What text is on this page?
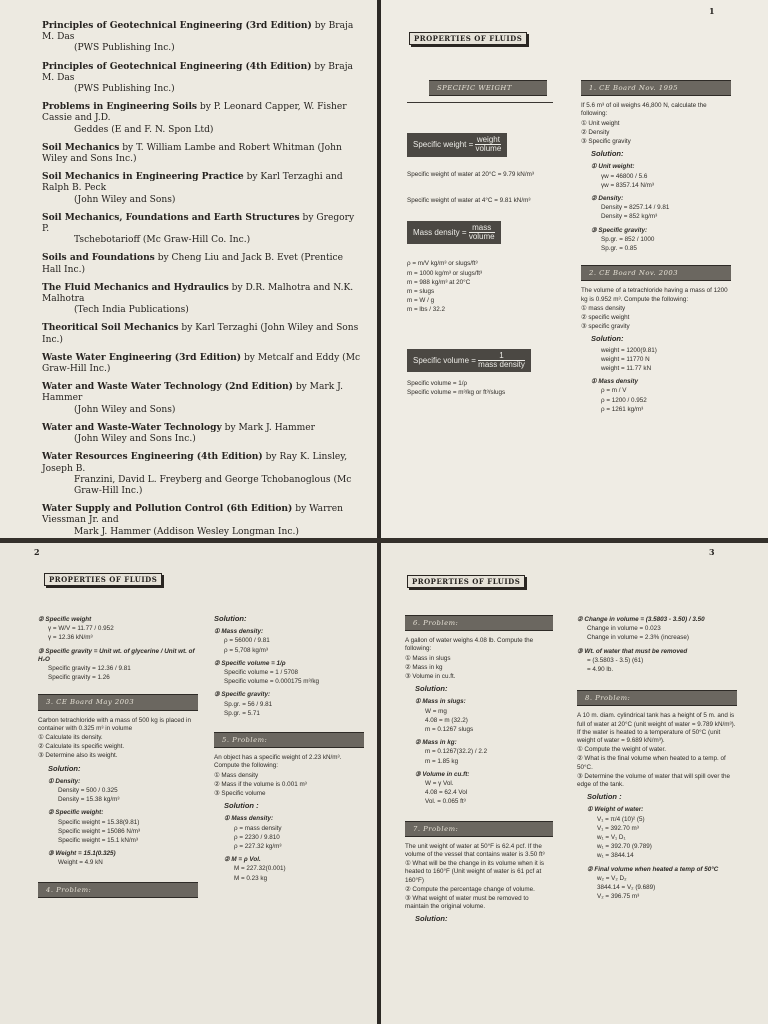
Principles of Geotechnical Engineering (3rd Edition) by Braja M. Das
(PWS Publishing Inc.)

Principles of Geotechnical Engineering (4th Edition) by Braja M. Das
(PWS Publishing Inc.)

Problems in Engineering Soils by P. Leonard Capper, W. Fisher Cassie and J.D.
Geddes (E and F. N. Spon Ltd)

Soil Mechanics by T. William Lambe and Robert Whitman (John Wiley and Sons Inc.)

Soil Mechanics in Engineering Practice by Karl Terzaghi and Ralph B. Peck
(John Wiley and Sons)

Soil Mechanics, Foundations and Earth Structures by Gregory P.
Tschebotarioff (Mc Graw-Hill Co. Inc.)

Soils and Foundations by Cheng Liu and Jack B. Evet (Prentice Hall Inc.)

The Fluid Mechanics and Hydraulics by D.R. Malhotra and N.K. Malhotra
(Tech India Publications)

Theoritical Soil Mechanics by Karl Terzaghi (John Wiley and Sons Inc.)

Waste Water Engineering (3rd Edition) by Metcalf and Eddy (Mc Graw-Hill Inc.)

Water and Waste Water Technology (2nd Edition) by Mark J. Hammer
(John Wiley and Sons)

Water and Waste-Water Technology by Mark J. Hammer
(John Wiley and Sons Inc.)

Water Resources Engineering (4th Edition) by Ray K. Linsley, Joseph B.
Franzini, David L. Freyberg and George Tchobanoglous (Mc Graw-Hill Inc.)

Water Supply and Pollution Control (6th Edition) by Warren Viessman Jr. and
Mark J. Hammer (Addison Wesley Longman Inc.)

1
PROPERTIES OF FLUIDS
SPECIFIC WEIGHT
Specific weight =
weight
volume

Specific weight of water at 20°C = 9.79 kN/m³

Specific weight of water at 4°C = 9.81 kN/m³

Mass density =
mass
volume

ρ = m/V kg/m³ or slugs/ft³

m = 1000 kg/m³ or slugs/ft³

m = 988 kg/m³ at 20°C

m = slugs

m = W / g

m = lbs / 32.2

Specific volume =
1
mass density

Specific volume = 1/ρ

Specific volume = m³/kg or ft³/slugs

1. CE Board Nov. 1995

If 5.6 m³ of oil weighs 46,800 N, calculate the following:

① Unit weight

② Density

③ Specific gravity

Solution:

① Unit weight:

γw = 46800 / 5.6

γw = 8357.14 N/m³

② Density:

Density = 8257.14 / 9.81

Density = 852 kg/m³

③ Specific gravity:

Sp.gr. = 852 / 1000

Sp.gr. = 0.85

2. CE Board Nov. 2003

The volume of a tetrachloride having a mass of 1200 kg is 0.952 m³. Compute the following:

① mass density

② specific weight

③ specific gravity

Solution:

weight = 1200(9.81)

weight = 11770 N

weight = 11.77 kN

① Mass density

ρ = m / V

ρ = 1200 / 0.952

ρ = 1261 kg/m³

2
PROPERTIES OF FLUIDS

② Specific weight

γ = W/V = 11.77 / 0.952

γ = 12.36 kN/m³

③ Specific gravity = Unit wt. of glycerine / Unit wt. of H₂O

Specific gravity = 12.36 / 9.81

Specific gravity = 1.26

3. CE Board May 2003

Carbon tetrachloride with a mass of 500 kg is placed in container with 0.325 m³ in volume

① Calculate its density.

② Calculate its specific weight.

③ Determine also its weight.

Solution:

① Density:

Density = 500 / 0.325

Density = 15.38 kg/m³

② Specific weight:

Specific weight = 15.38(9.81)

Specific weight = 15086 N/m³

Specific weight = 15.1 kN/m³

③ Weight = 15.1(0.325)

Weight = 4.9 kN

4. Problem:

Solution:

① Mass density:

ρ = 56000 / 9.81

ρ = 5,708 kg/m³

② Specific volume = 1/ρ

Specific volume = 1 / 5708

Specific volume = 0.000175 m³/kg

③ Specific gravity:

Sp.gr. = 56 / 9.81

Sp.gr. = 5.71

5. Problem:

An object has a specific weight of 2.23 kN/m³. Compute the following:

① Mass density

② Mass if the volume is 0.001 m³

③ Specific volume

Solution :

① Mass density:

ρ = mass density

ρ = 2230 / 9.810

ρ = 227.32 kg/m³

② M = ρ Vol.

M = 227.32(0.001)

M = 0.23 kg

3
PROPERTIES OF FLUIDS
6. Problem:

A gallon of water weighs 4.08 lb. Compute the following:

① Mass in slugs

② Mass in kg

③ Volume in cu.ft.

Solution:

① Mass in slugs:

W = mg

4.08 = m (32.2)

m = 0.1267 slugs

② Mass in kg:

m = 0.1267(32.2) / 2.2

m = 1.85 kg

③ Volume in cu.ft:

W = γ Vol.

4.08 = 62.4 Vol

Vol. = 0.065 ft³

7. Problem:

The unit weight of water at 50°F is 62.4 pcf. If the volume of the vessel that contains water is 3.50 ft³

① What will be the change in its volume when it is heated to 160°F (Unit weight of water is 61 pcf at 160°F)

② Compute the percentage change of volume.

③ What weight of water must be removed to maintain the original volume.

Solution:

② Change in volume = (3.5803 - 3.50) / 3.50

Change in volume = 0.023

Change in volume = 2.3% (increase)

③ Wt. of water that must be removed

= (3.5803 - 3.5) (61)

= 4.90 lb.

8. Problem:

A 10 m. diam. cylindrical tank has a height of 5 m. and is full of water at 20°C (unit weight of water = 9.789 kN/m³). If the water is heated to a temperature of 50°C (unit weight of water = 9.689 kN/m³).

① Compute the weight of water.

② What is the final volume when heated to a temp. of 50°C.

③ Determine the volume of water that will spill over the edge of the tank.

Solution :

① Weight of water:

V₁ = π/4 (10)² (5)

V₁ = 392.70 m³

w₁ = V₁ D₁

w₁ = 392.70 (9.789)

w₁ = 3844.14

② Final volume when heated a temp of 50°C

w₂ = V₂ D₂

3844.14 = V₂ (9.689)

V₂ = 396.75 m³
